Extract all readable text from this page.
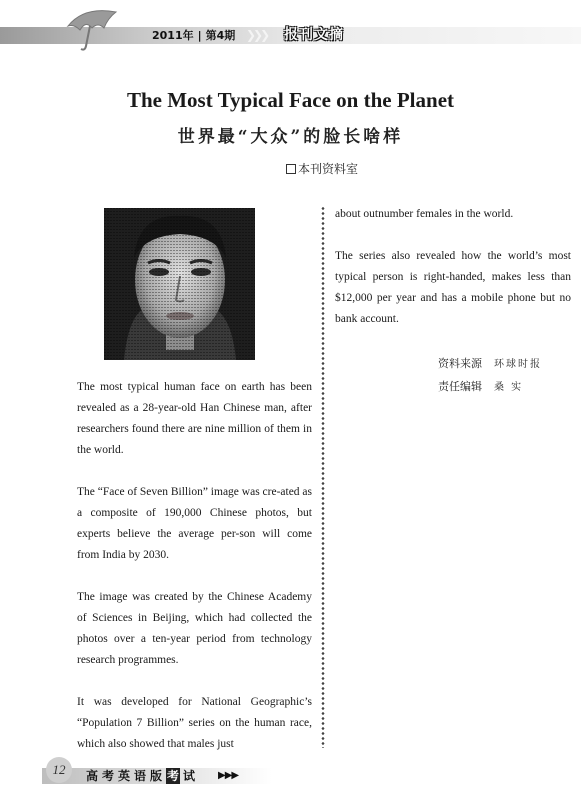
2011年 | 第4期 ❯❯❯ 报刊文摘
The Most Typical Face on the Planet
世界最“大众”的脸长啥样
本刊资料室

The most typical human face on earth has been revealed as a 28-year-old Han Chinese man, after researchers found there are nine million of them in the world.

The “Face of Seven Billion” image was cre-ated as a composite of 190,000 Chinese photos, but experts believe the average per-son will come from India by 2030.

The image was created by the Chinese Academy of Sciences in Beijing, which had collected the photos over a ten-year period from technology research programmes.

It was developed for National Geographic’s “Population 7 Billion” series on the human race, which also showed that males just

about outnumber females in the world.

The series also revealed how the world’s most typical person is right-handed, makes less than $12,000 per year and has a mobile phone but no bank account.

资料来源 环球时报
责任编辑 桑 实
12	高考英语版考 试 ▶▶▶
